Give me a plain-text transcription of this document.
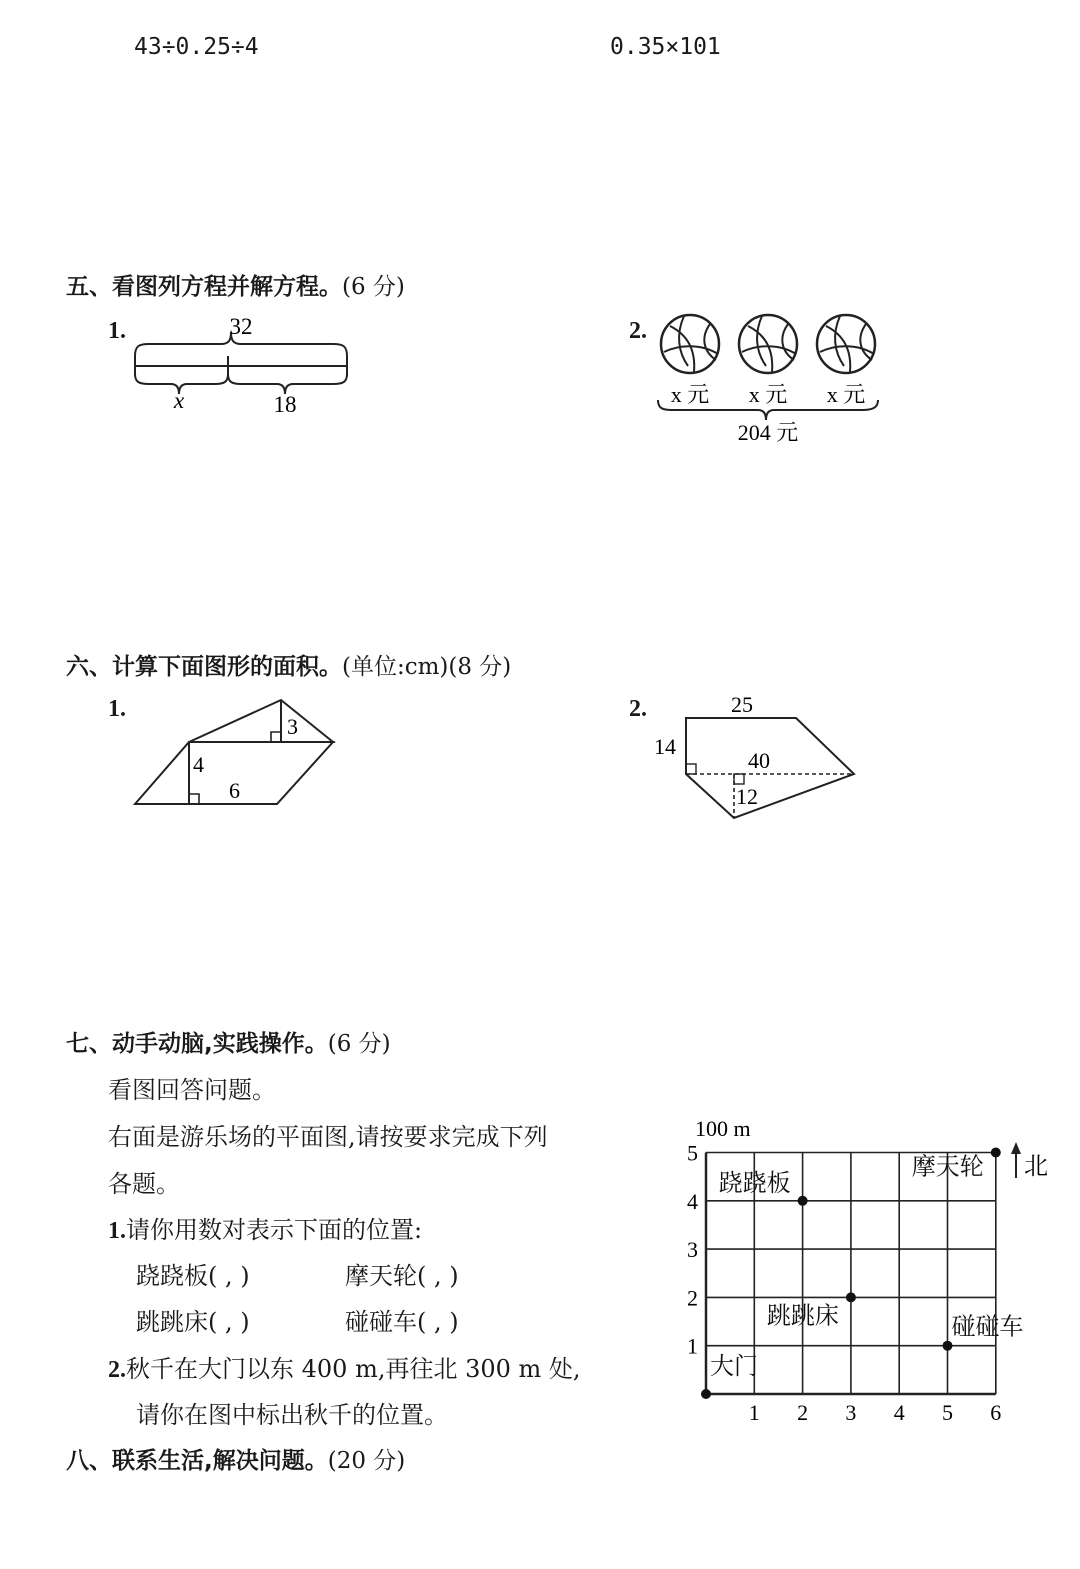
43÷0.25÷4	0.35×101
五、看图列方程并解方程。(6 分)
1.	32
x	18
2.
x 元 x 元 x 元
204 元
六、计算下面图形的面积。(单位:cm)(8 分)
1.
3
4
6
2.	25
14
40
12
七、动手动脑,实践操作。(6 分)
看图回答问题。
右面是游乐场的平面图,请按要求完成下列
各题。
1.请你用数对表示下面的位置:
跷跷板( , )	摩天轮( , )
跳跳床( , )	碰碰车( , )
2.秋千在大门以东 400 m,再往北 300 m 处,
请你在图中标出秋千的位置。	1 2 3 4 5 6
1
2
3
4
5
跷跷板
摩天轮
跳跳床	碰碰车
大门
100 m
北
八、联系生活,解决问题。(20 分)
